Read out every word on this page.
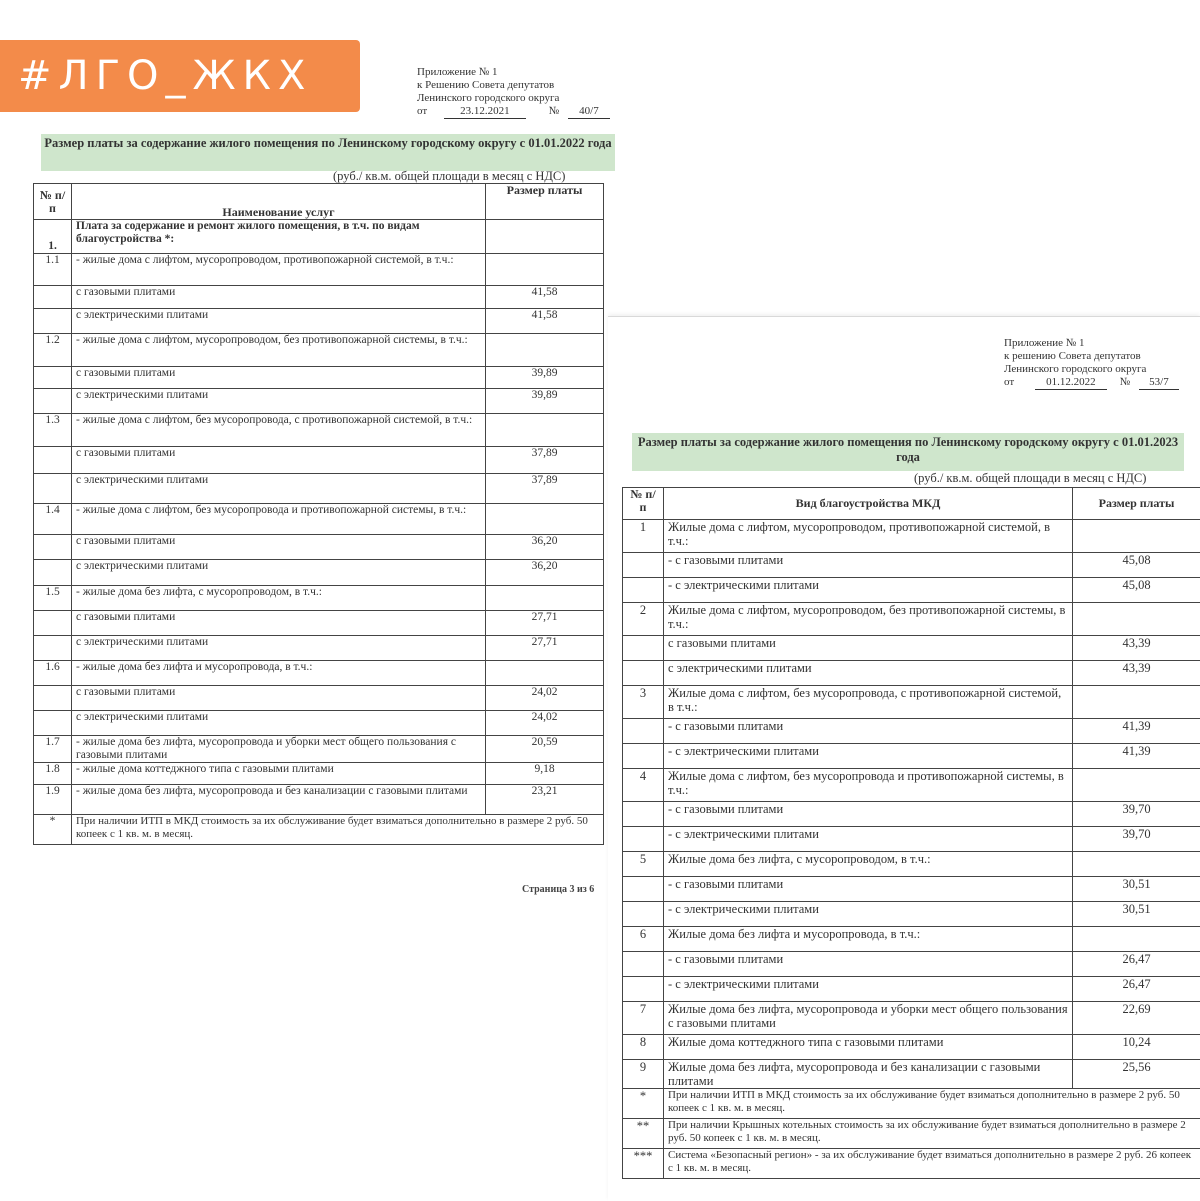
#ЛГО_ЖКХ	Приложение № 1
к Решению Совета депутатов
Ленинского городского округа
от	23.12.2021	№ 40/7
Размер платы за содержание жилого помещения по Ленинскому городскому округу с 01.01.2022 года
(руб./ кв.м. общей площади в месяц с НДС)
№ п/п	Наименование услуг	Размер платы
1.	Плата за содержание и ремонт жилого помещения, в т.ч. по видам благоустройства *:	
1.1	- жилые дома с лифтом, мусоропроводом, противопожарной системой, в т.ч.:	
	с газовыми плитами	41,58
	с электрическими плитами	41,58
1.2	- жилые дома с лифтом, мусоропроводом, без противопожарной системы, в т.ч.:	
	с газовыми плитами	39,89
	с электрическими плитами	39,89
1.3	- жилые дома с лифтом, без мусоропровода, с противопожарной системой, в т.ч.:	
	с газовыми плитами	37,89
	с электрическими плитами	37,89
1.4	- жилые дома с лифтом, без мусоропровода и противопожарной системы, в т.ч.:	
	с газовыми плитами	36,20
	с электрическими плитами	36,20
1.5	- жилые дома без лифта, с мусоропроводом, в т.ч.:	
	с газовыми плитами	27,71
	с электрическими плитами	27,71
1.6	- жилые дома без лифта и мусоропровода, в т.ч.:	
	с газовыми плитами	24,02
	с электрическими плитами	24,02
1.7	- жилые дома без лифта, мусоропровода и уборки мест общего пользования с газовыми плитами	20,59
1.8	- жилые дома коттеджного типа с газовыми плитами	9,18
1.9	- жилые дома без лифта, мусоропровода и без канализации с газовыми плитами	23,21
*	При наличии ИТП в МКД стоимость за их обслуживание будет взиматься дополнительно в размере 2 руб. 50 копеек с 1 кв. м. в месяц.	
Страница 3 из 6
Приложение № 1
к решению Совета депутатов
Ленинского городского округа
от	01.12.2022 № 53/7
Размер платы за содержание жилого помещения по Ленинскому городскому округу с 01.01.2023 года
(руб./ кв.м. общей площади в месяц с НДС)
№ п/п	Вид благоустройства МКД	Размер платы
1	Жилые дома с лифтом, мусоропроводом, противопожарной системой, в т.ч.:	
	- с газовыми плитами	45,08
	- с электрическими плитами	45,08
2	Жилые дома с лифтом, мусоропроводом, без противопожарной системы, в т.ч.:	
	с газовыми плитами	43,39
	с электрическими плитами	43,39
3	Жилые дома с лифтом, без мусоропровода, с противопожарной системой, в т.ч.:	
	- с газовыми плитами	41,39
	- с электрическими плитами	41,39
4	Жилые дома с лифтом, без мусоропровода и противопожарной системы, в т.ч.:	
	- с газовыми плитами	39,70
	- с электрическими плитами	39,70
5	Жилые дома без лифта, с мусоропроводом, в т.ч.:	
	- с газовыми плитами	30,51
	- с электрическими плитами	30,51
6	Жилые дома без лифта и мусоропровода, в т.ч.:	
	- с газовыми плитами	26,47
	- с электрическими плитами	26,47
7	Жилые дома без лифта, мусоропровода и уборки мест общего пользования с газовыми плитами	22,69
8	Жилые дома коттеджного типа с газовыми плитами	10,24
9	Жилые дома без лифта, мусоропровода и без канализации с газовыми плитами	25,56
*	При наличии ИТП в МКД стоимость за их обслуживание будет взиматься дополнительно в размере 2 руб. 50 копеек с 1 кв. м. в месяц.	
**	При наличии Крышных котельных стоимость за их обслуживание будет взиматься дополнительно в размере 2 руб. 50 копеек с 1 кв. м. в месяц.	
***	Система «Безопасный регион» - за их обслуживание будет взиматься дополнительно в размере 2 руб. 26 копеек с 1 кв. м. в месяц.	
